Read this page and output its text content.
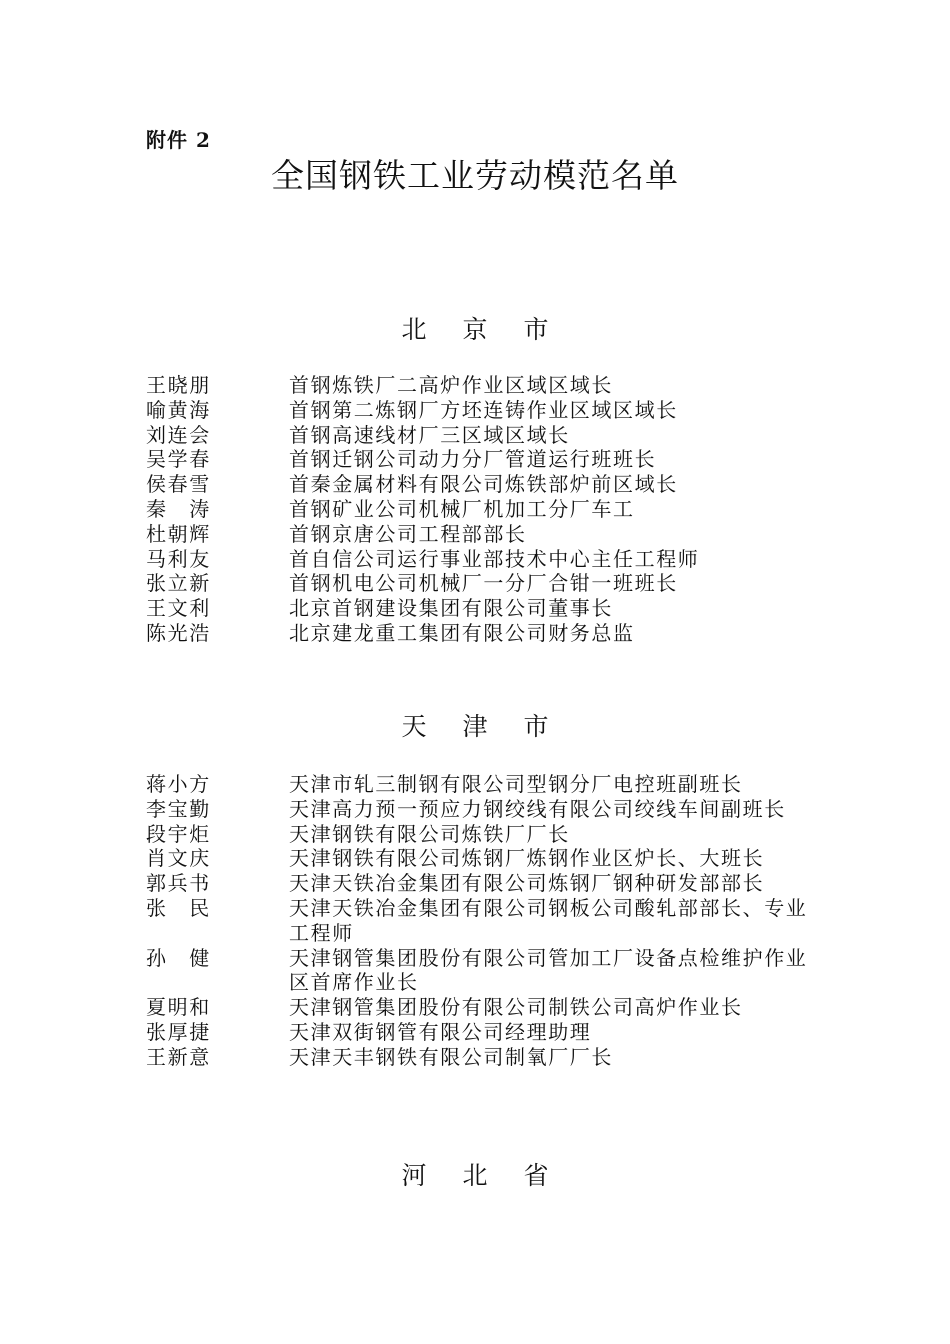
附件 2
全国钢铁工业劳动模范名单
北 京 市
王晓朋	首钢炼铁厂二高炉作业区域区域长
喻黄海	首钢第二炼钢厂方坯连铸作业区域区域长
刘连会	首钢高速线材厂三区域区域长
吴学春	首钢迁钢公司动力分厂管道运行班班长
侯春雪	首秦金属材料有限公司炼铁部炉前区域长
秦　涛	首钢矿业公司机械厂机加工分厂车工
杜朝辉	首钢京唐公司工程部部长
马利友	首自信公司运行事业部技术中心主任工程师
张立新	首钢机电公司机械厂一分厂合钳一班班长
王文利	北京首钢建设集团有限公司董事长
陈光浩	北京建龙重工集团有限公司财务总监
天 津 市
蒋小方	天津市轧三制钢有限公司型钢分厂电控班副班长
李宝勤	天津高力预一预应力钢绞线有限公司绞线车间副班长
段宇炬	天津钢铁有限公司炼铁厂厂长
肖文庆	天津钢铁有限公司炼钢厂炼钢作业区炉长、大班长
郭兵书	天津天铁冶金集团有限公司炼钢厂钢种研发部部长
张　民	天津天铁冶金集团有限公司钢板公司酸轧部部长、专业工程师
孙　健	天津钢管集团股份有限公司管加工厂设备点检维护作业区首席作业长
夏明和	天津钢管集团股份有限公司制铁公司高炉作业长
张厚捷	天津双街钢管有限公司经理助理
王新意	天津天丰钢铁有限公司制氧厂厂长
河 北 省
